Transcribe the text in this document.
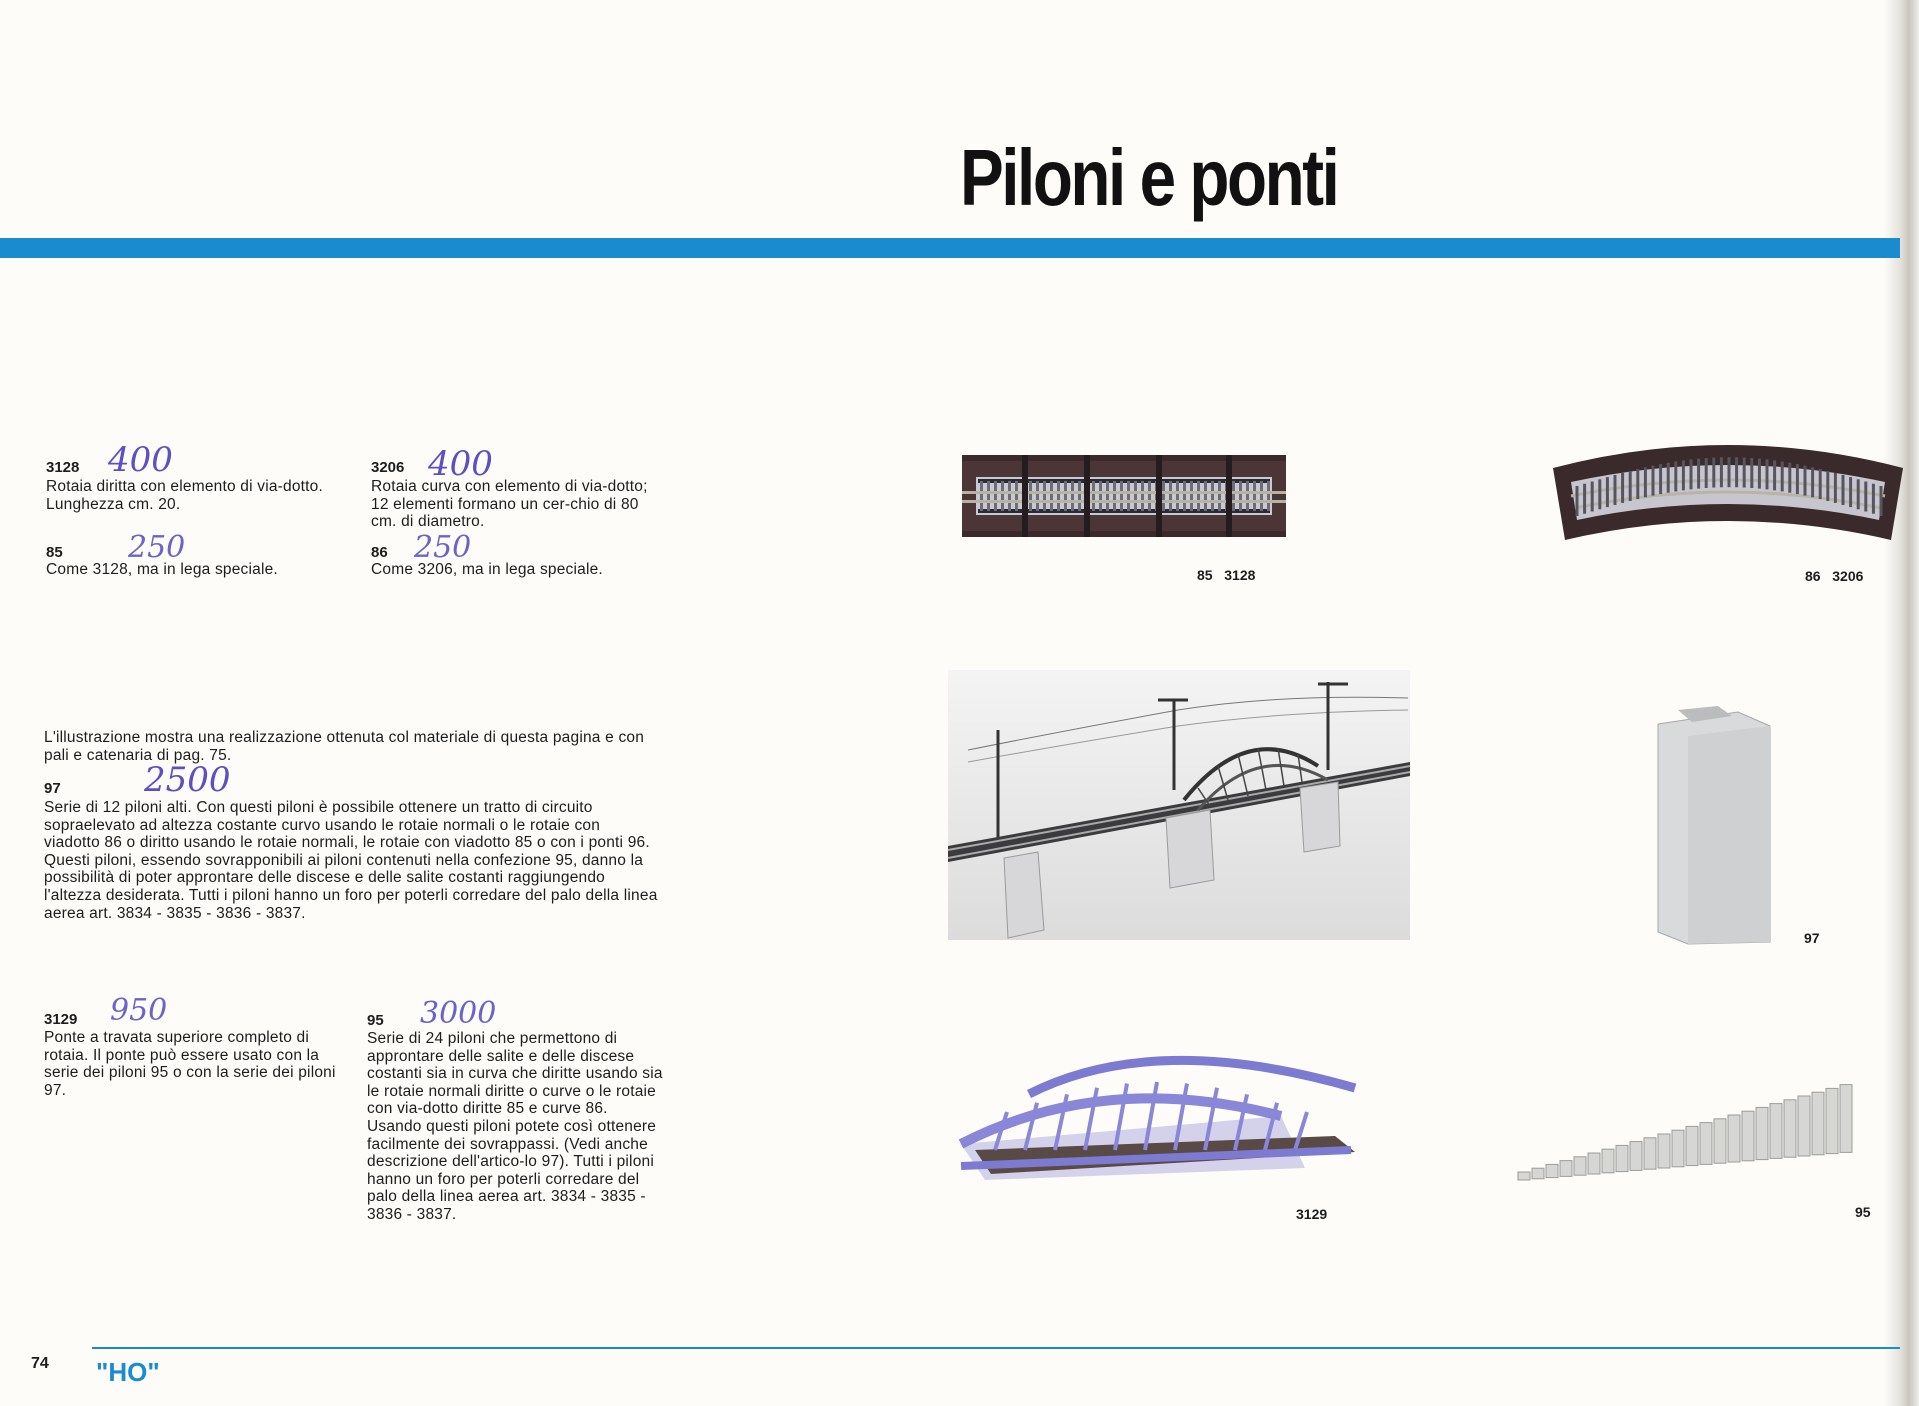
Piloni e ponti
3128 400
Rotaia diritta con elemento di via-dotto. Lunghezza cm. 20.
3206 400
Rotaia curva con elemento di via-dotto; 12 elementi formano un cer-chio di 80 cm. di diametro.
85 250
Come 3128, ma in lega speciale.
86 250
Come 3206, ma in lega speciale.
L'illustrazione mostra una realizzazione ottenuta col materiale di questa pagina e con pali e catenaria di pag. 75.
97 2500
Serie di 12 piloni alti. Con questi piloni è possibile ottenere un tratto di circuito sopraelevato ad altezza costante curvo usando le rotaie normali o le rotaie con viadotto 86 o diritto usando le rotaie normali, le rotaie con viadotto 85 o con i ponti 96. Questi piloni, essendo sovrapponibili ai piloni contenuti nella confezione 95, danno la possibilità di poter approntare delle discese e delle salite costanti raggiungendo l'altezza desiderata. Tutti i piloni hanno un foro per poterli corredare del palo della linea aerea art. 3834 - 3835 - 3836 - 3837.
3129 950
Ponte a travata superiore completo di rotaia. Il ponte può essere usato con la serie dei piloni 95 o con la serie dei piloni 97.
95 3000
Serie di 24 piloni che permettono di approntare delle salite e delle discese costanti sia in curva che diritte usando sia le rotaie normali diritte o curve o le rotaie con via-dotto diritte 85 e curve 86. Usando questi piloni potete così ottenere facilmente dei sovrappassi. (Vedi anche descrizione dell'artico-lo 97). Tutti i piloni hanno un foro per poterli corredare del palo della linea aerea art. 3834 - 3835 - 3836 - 3837.
85   3128	86   3206
97
3129	95
74 "HO"
